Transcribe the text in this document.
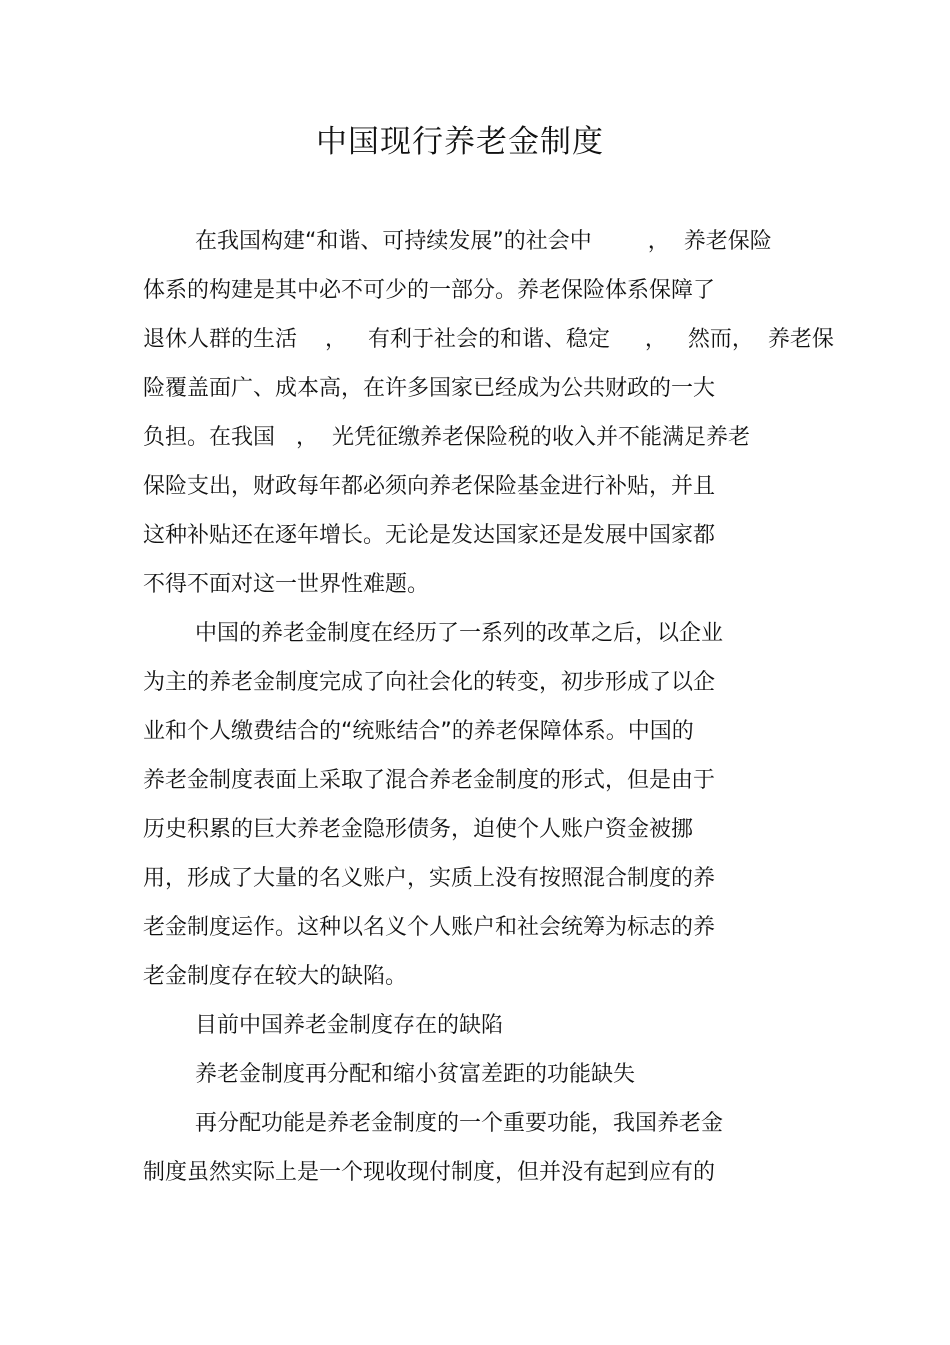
中国现行养老金制度
在我国构建“和谐、可持续发展”的社会中        ，  养老保险
体系的构建是其中必不可少的一部分。养老保险体系保障了
退休人群的生活    ，   有利于社会的和谐、稳定     ，   然而，  养老保
险覆盖面广、成本高，在许多国家已经成为公共财政的一大
负担。在我国   ，  光凭征缴养老保险税的收入并不能满足养老
保险支出，财政每年都必须向养老保险基金进行补贴，并且
这种补贴还在逐年增长。无论是发达国家还是发展中国家都
不得不面对这一世界性难题。
中国的养老金制度在经历了一系列的改革之后，以企业
为主的养老金制度完成了向社会化的转变，初步形成了以企
业和个人缴费结合的“统账结合”的养老保障体系。中国的
养老金制度表面上采取了混合养老金制度的形式，但是由于
历史积累的巨大养老金隐形债务，迫使个人账户资金被挪
用，形成了大量的名义账户，实质上没有按照混合制度的养
老金制度运作。这种以名义个人账户和社会统筹为标志的养
老金制度存在较大的缺陷。
目前中国养老金制度存在的缺陷
养老金制度再分配和缩小贫富差距的功能缺失
再分配功能是养老金制度的一个重要功能，我国养老金
制度虽然实际上是一个现收现付制度，但并没有起到应有的
